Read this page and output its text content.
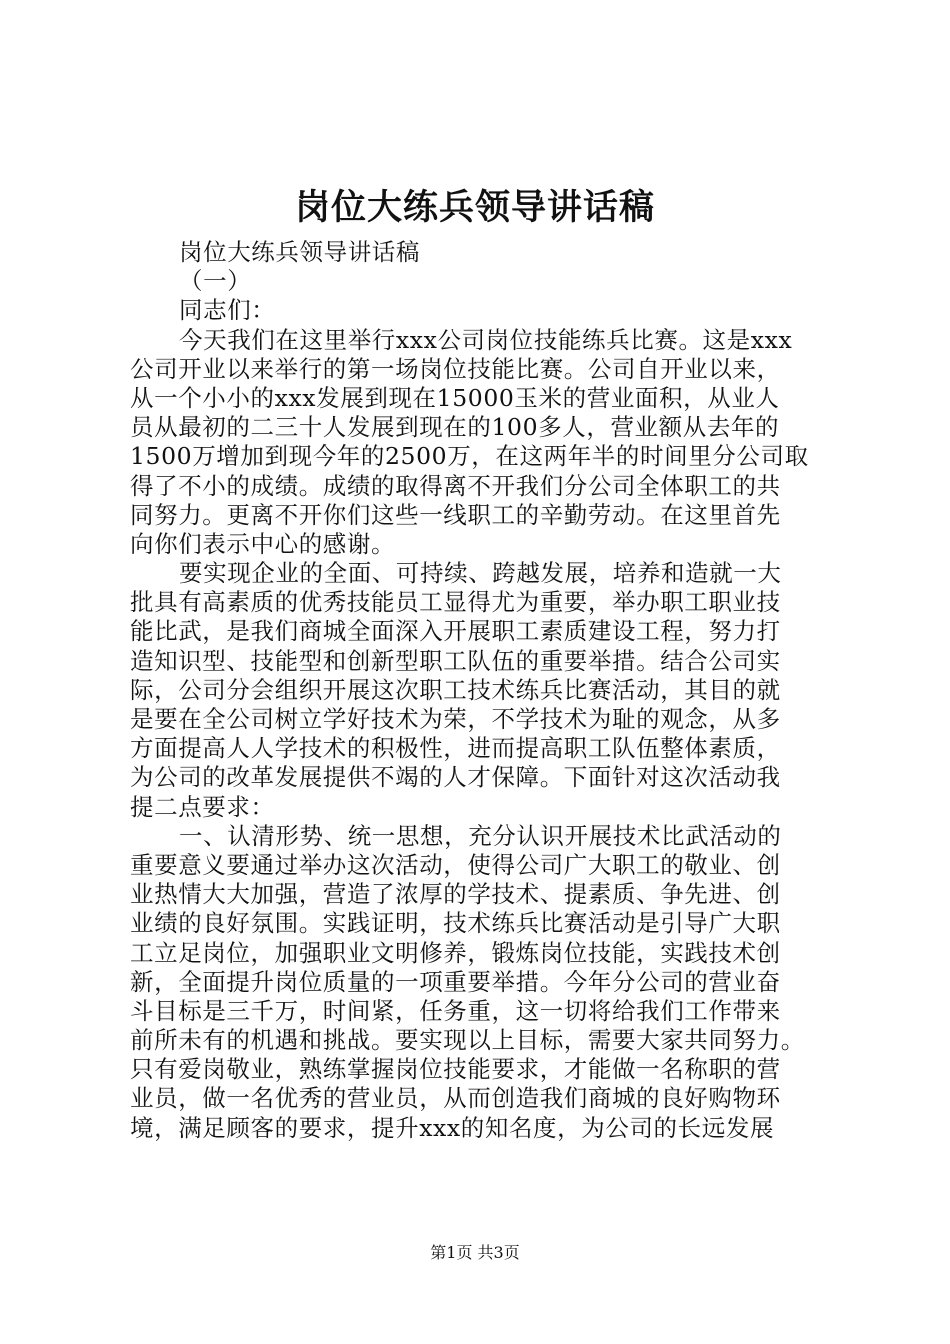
岗位大练兵领导讲话稿
岗位大练兵领导讲话稿
（一）
同志们：
今天我们在这里举行xxx公司岗位技能练兵比赛。这是xxx
公司开业以来举行的第一场岗位技能比赛。公司自开业以来，
从一个小小的xxx发展到现在15000玉米的营业面积，从业人
员从最初的二三十人发展到现在的100多人，营业额从去年的
1500万增加到现今年的2500万，在这两年半的时间里分公司取
得了不小的成绩。成绩的取得离不开我们分公司全体职工的共
同努力。更离不开你们这些一线职工的辛勤劳动。在这里首先
向你们表示中心的感谢。
要实现企业的全面、可持续、跨越发展，培养和造就一大
批具有高素质的优秀技能员工显得尤为重要，举办职工职业技
能比武，是我们商城全面深入开展职工素质建设工程，努力打
造知识型、技能型和创新型职工队伍的重要举措。结合公司实
际，公司分会组织开展这次职工技术练兵比赛活动，其目的就
是要在全公司树立学好技术为荣，不学技术为耻的观念，从多
方面提高人人学技术的积极性，进而提高职工队伍整体素质，
为公司的改革发展提供不竭的人才保障。下面针对这次活动我
提二点要求：
一、认清形势、统一思想，充分认识开展技术比武活动的
重要意义要通过举办这次活动，使得公司广大职工的敬业、创
业热情大大加强，营造了浓厚的学技术、提素质、争先进、创
业绩的良好氛围。实践证明，技术练兵比赛活动是引导广大职
工立足岗位，加强职业文明修养，锻炼岗位技能，实践技术创
新，全面提升岗位质量的一项重要举措。今年分公司的营业奋
斗目标是三千万，时间紧，任务重，这一切将给我们工作带来
前所未有的机遇和挑战。要实现以上目标，需要大家共同努力。
只有爱岗敬业，熟练掌握岗位技能要求，才能做一名称职的营
业员，做一名优秀的营业员，从而创造我们商城的良好购物环
境，满足顾客的要求，提升xxx的知名度，为公司的长远发展
第1页 共3页
